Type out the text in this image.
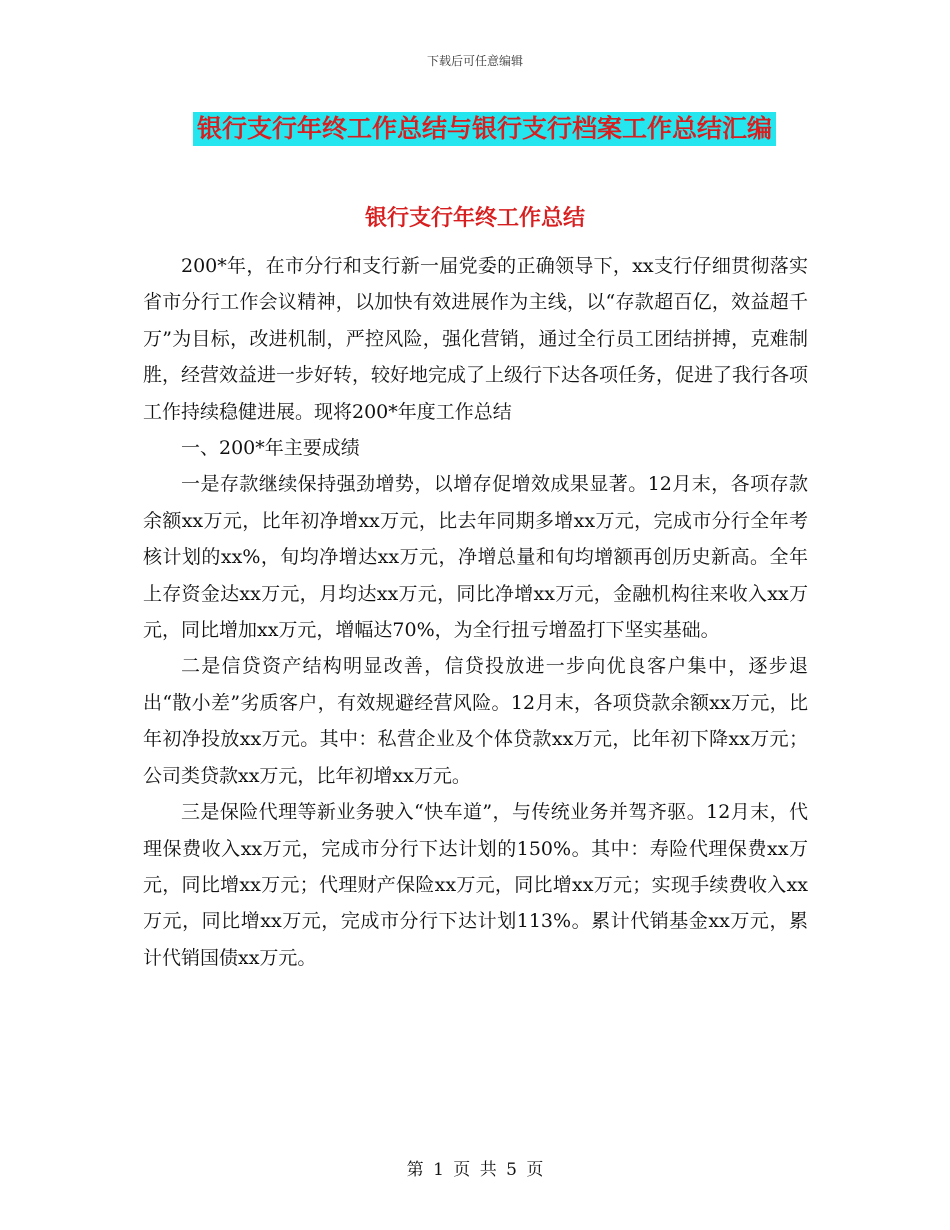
下载后可任意编辑
银行支行年终工作总结与银行支行档案工作总结汇编
银行支行年终工作总结

200*年，在市分行和支行新一届党委的正确领导下，xx支行仔细贯彻落实省市分行工作会议精神，以加快有效进展作为主线，以“存款超百亿，效益超千万”为目标，改进机制，严控风险，强化营销，通过全行员工团结拼搏，克难制胜，经营效益进一步好转，较好地完成了上级行下达各项任务，促进了我行各项工作持续稳健进展。现将200*年度工作总结

一、200*年主要成绩

一是存款继续保持强劲增势，以增存促增效成果显著。12月末，各项存款余额xx万元，比年初净增xx万元，比去年同期多增xx万元，完成市分行全年考核计划的xx%，旬均净增达xx万元，净增总量和旬均增额再创历史新高。全年上存资金达xx万元，月均达xx万元，同比净增xx万元，金融机构往来收入xx万元，同比增加xx万元，增幅达70%，为全行扭亏增盈打下坚实基础。

二是信贷资产结构明显改善，信贷投放进一步向优良客户集中，逐步退出“散小差”劣质客户，有效规避经营风险。12月末，各项贷款余额xx万元，比年初净投放xx万元。其中：私营企业及个体贷款xx万元，比年初下降xx万元；公司类贷款xx万元，比年初增xx万元。

三是保险代理等新业务驶入“快车道”，与传统业务并驾齐驱。12月末，代理保费收入xx万元，完成市分行下达计划的150%。其中：寿险代理保费xx万元，同比增xx万元；代理财产保险xx万元，同比增xx万元；实现手续费收入xx万元，同比增xx万元，完成市分行下达计划113%。累计代销基金xx万元，累计代销国债xx万元。

第 1 页 共 5 页
